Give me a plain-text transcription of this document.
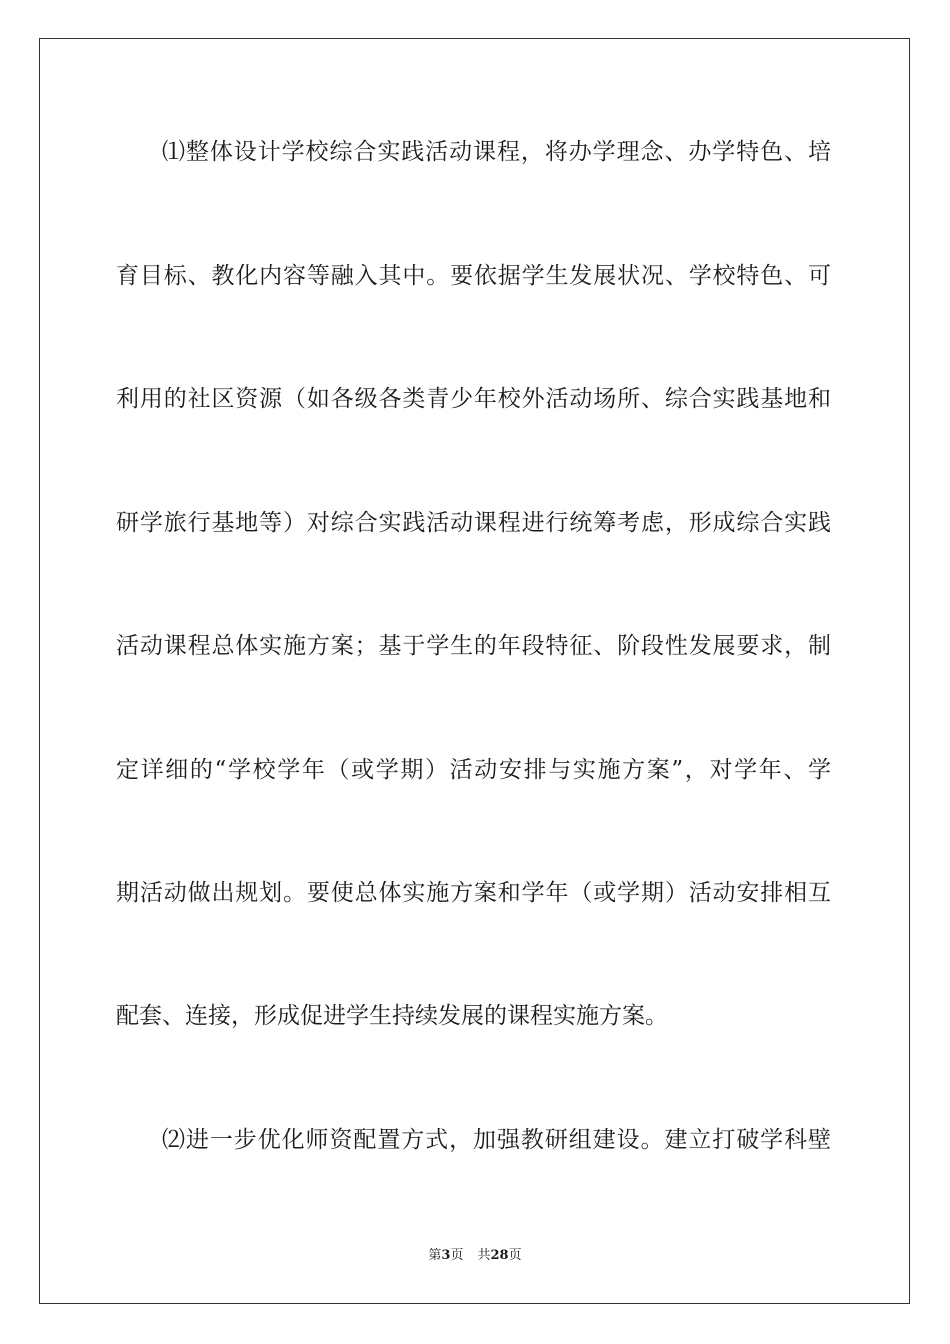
⑴整体设计学校综合实践活动课程，将办学理念、办学特色、培
育目标、教化内容等融入其中。要依据学生发展状况、学校特色、可
利用的社区资源（如各级各类青少年校外活动场所、综合实践基地和
研学旅行基地等）对综合实践活动课程进行统筹考虑，形成综合实践
活动课程总体实施方案；基于学生的年段特征、阶段性发展要求，制
定详细的“学校学年（或学期）活动安排与实施方案”，对学年、学
期活动做出规划。要使总体实施方案和学年（或学期）活动安排相互
配套、连接，形成促进学生持续发展的课程实施方案。
⑵进一步优化师资配置方式，加强教研组建设。建立打破学科壁
第3页 共28页
